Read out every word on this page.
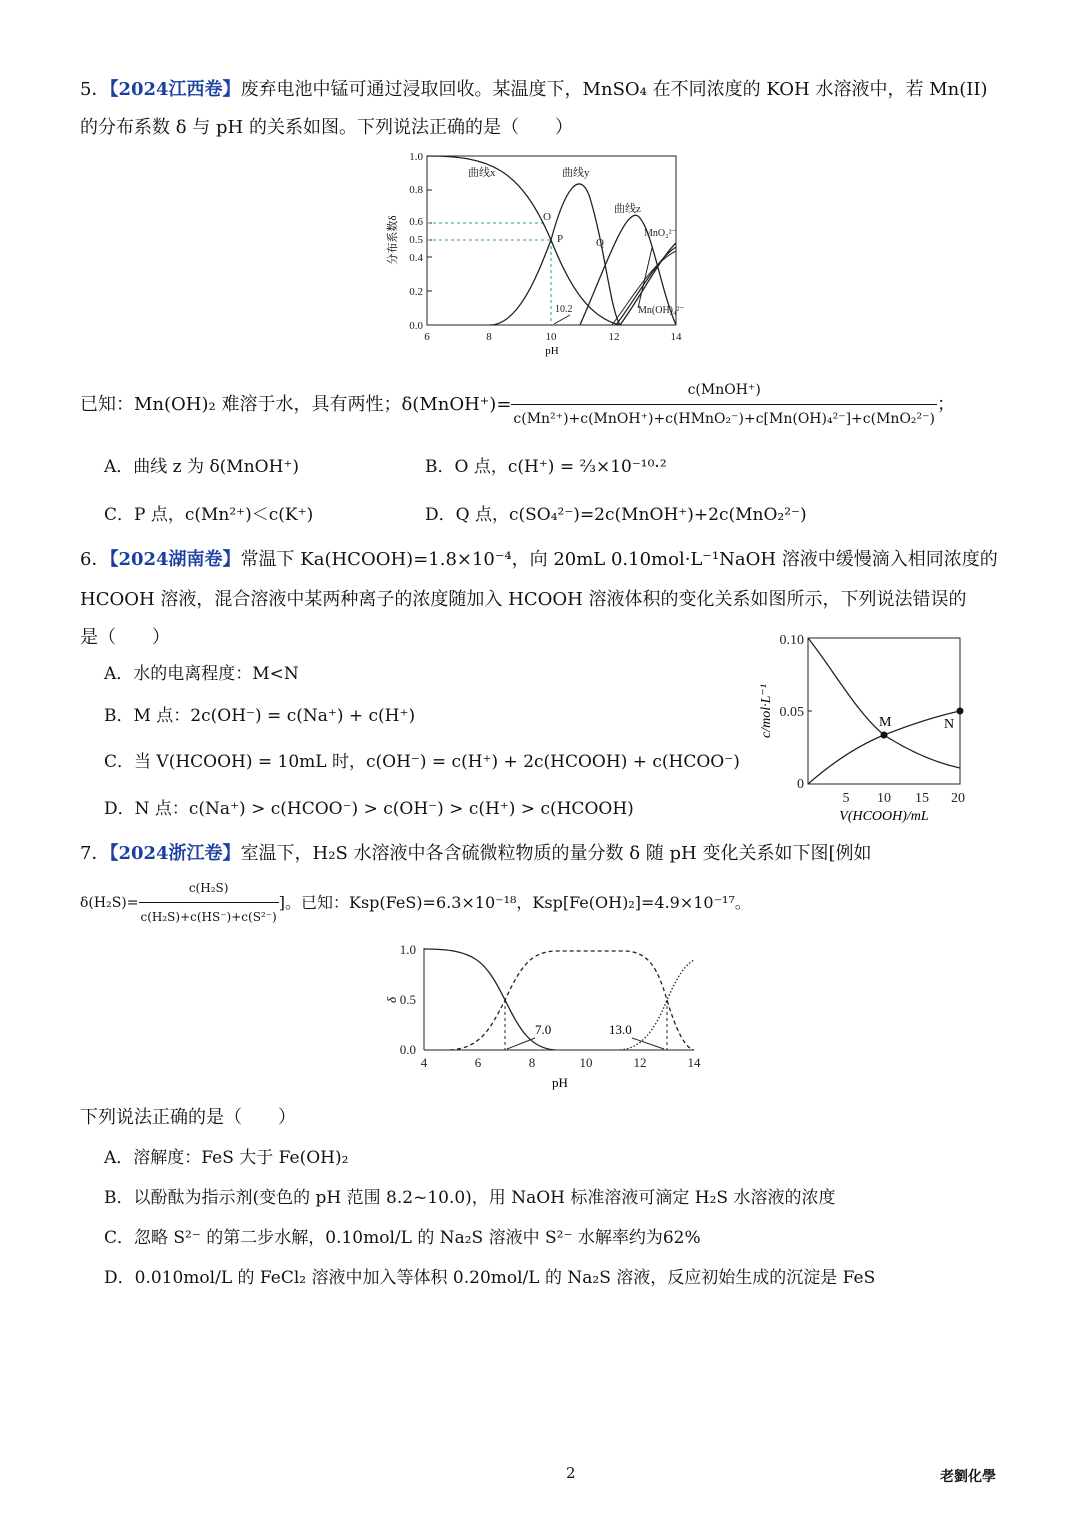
5．【2024江西卷】废弃电池中锰可通过浸取回收。某温度下，MnSO₄ 在不同浓度的 KOH 水溶液中，若 Mn(II)
的分布系数 δ 与 pH 的关系如图。下列说法正确的是（　　）
0.0
0.2
0.4
0.5
0.6
0.8
1.0
6	8	10	12	14
pH
分布系数δ
曲线x	曲线y
曲线z
MnO₂²⁻
Mn(OH)₄²⁻
O
P	Q
10.2
已知：Mn(OH)₂ 难溶于水，具有两性；δ(MnOH⁺)= $\frac{\text{c(MnOH⁺)}}{\text{c(Mn²⁺)+c(MnOH⁺)+c(HMnO₂⁻)+c[Mn(OH)₄²⁻]+c(MnO₂²⁻)}}$ ；
A．曲线 z 为 δ(MnOH⁺)	B．O 点，c(H⁺) = ⅔×10⁻¹⁰·²
C．P 点，c(Mn²⁺)＜c(K⁺)	D．Q 点，c(SO₄²⁻)=2c(MnOH⁺)+2c(MnO₂²⁻)
6．【2024湖南卷】常温下 Ka(HCOOH)=1.8×10⁻⁴，向 20mL 0.10mol·L⁻¹NaOH 溶液中缓慢滴入相同浓度的
HCOOH 溶液，混合溶液中某两种离子的浓度随加入 HCOOH 溶液体积的变化关系如图所示，下列说法错误的
是（　　）
A．水的电离程度：M<N
B．M 点：2c(OH⁻) = c(Na⁺) + c(H⁺)
C．当 V(HCOOH) = 10mL 时，c(OH⁻) = c(H⁺) + 2c(HCOOH) + c(HCOO⁻)
D．N 点：c(Na⁺) > c(HCOO⁻) > c(OH⁻) > c(H⁺) > c(HCOOH)
0
0.05
0.10
5 10 15 20
V(HCOOH)/mL
c/mol·L⁻¹	M	N
7．【2024浙江卷】室温下，H₂S 水溶液中各含硫微粒物质的量分数 δ 随 pH 变化关系如下图[例如
$\delta(H_2S)= \frac{\text{c(H₂S)}}{\text{c(H₂S)+c(HS⁻)+c(S²⁻)}}$ ]。已知：Ksp(FeS)=6.3×10⁻¹⁸，Ksp[Fe(OH)₂]=4.9×10⁻¹⁷。
0.0
0.5
1.0
4	6	8	10	12	14
pH
δ
7.0	13.0
下列说法正确的是（　　）
A．溶解度：FeS 大于 Fe(OH)₂
B．以酚酞为指示剂(变色的 pH 范围 8.2~10.0)，用 NaOH 标准溶液可滴定 H₂S 水溶液的浓度
C．忽略 S²⁻ 的第二步水解，0.10mol/L 的 Na₂S 溶液中 S²⁻ 水解率约为62%
D．0.010mol/L 的 FeCl₂ 溶液中加入等体积 0.20mol/L 的 Na₂S 溶液，反应初始生成的沉淀是 FeS
2	老劉化學
